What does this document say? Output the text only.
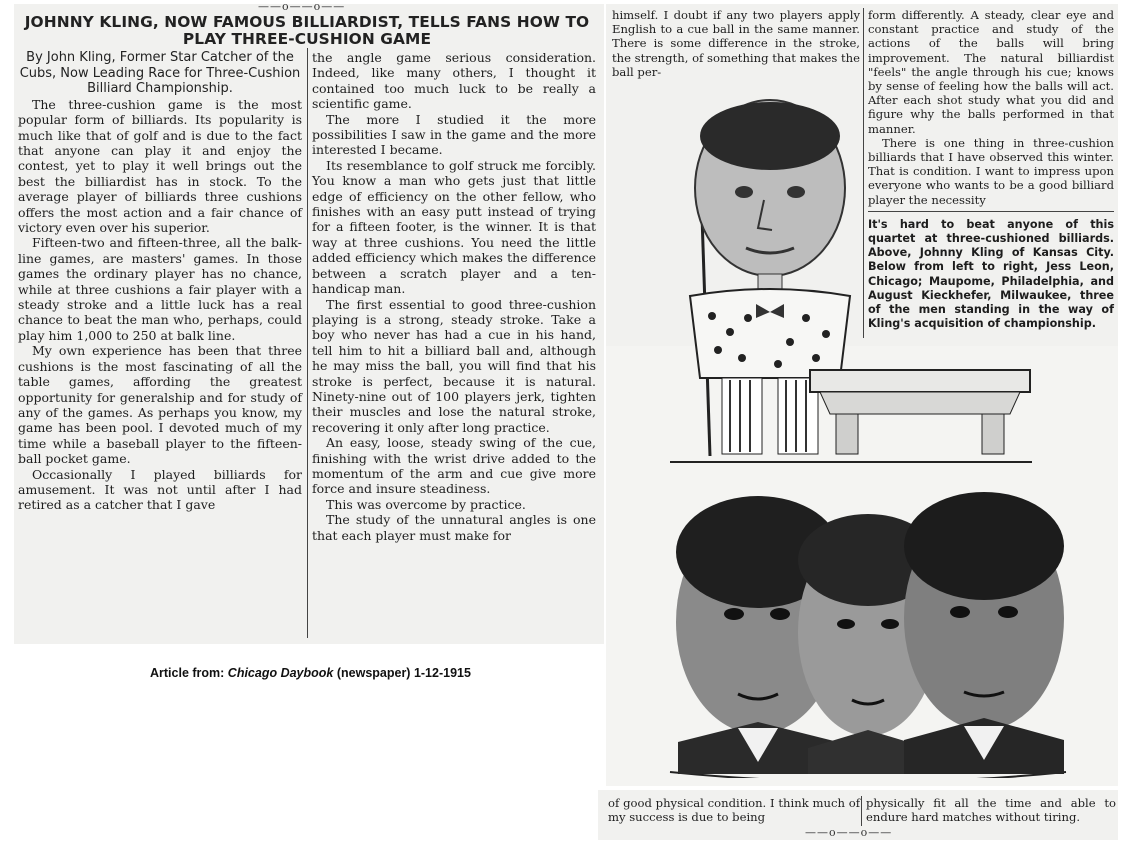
——o——o——
JOHNNY KLING, NOW FAMOUS BILLIARDIST, TELLS FANS HOW TO PLAY THREE-CUSHION GAME

By John Kling, Former Star Catcher of the Cubs, Now Leading Race for Three-Cushion Billiard Championship.

The three-cushion game is the most popular form of billiards. Its popularity is much like that of golf and is due to the fact that anyone can play it and enjoy the contest, yet to play it well brings out the best the billiardist has in stock. To the average player of billiards three cushions offers the most action and a fair chance of victory even over his superior.

Fifteen-two and fifteen-three, all the balk-line games, are masters' games. In those games the ordinary player has no chance, while at three cushions a fair player with a steady stroke and a little luck has a real chance to beat the man who, perhaps, could play him 1,000 to 250 at balk line.

My own experience has been that three cushions is the most fascinating of all the table games, affording the greatest opportunity for generalship and for study of any of the games. As perhaps you know, my game has been pool. I devoted much of my time while a baseball player to the fifteen-ball pocket game.

Occasionally I played billiards for amusement. It was not until after I had retired as a catcher that I gave

the angle game serious consideration. Indeed, like many others, I thought it contained too much luck to be really a scientific game.

The more I studied it the more possibilities I saw in the game and the more interested I became.

Its resemblance to golf struck me forcibly. You know a man who gets just that little edge of efficiency on the other fellow, who finishes with an easy putt instead of trying for a fifteen footer, is the winner. It is that way at three cushions. You need the little added efficiency which makes the difference between a scratch player and a ten-handicap man.

The first essential to good three-cushion playing is a strong, steady stroke. Take a boy who never has had a cue in his hand, tell him to hit a billiard ball and, although he may miss the ball, you will find that his stroke is perfect, because it is natural. Ninety-nine out of 100 players jerk, tighten their muscles and lose the natural stroke, recovering it only after long practice.

An easy, loose, steady swing of the cue, finishing with the wrist drive added to the momentum of the arm and cue give more force and insure steadiness.

This was overcome by practice.

The study of the unnatural angles is one that each player must make for

Article from: Chicago Daybook (newspaper) 1-12-1915

himself. I doubt if any two players apply English to a cue ball in the same manner. There is some difference in the stroke, the strength, of something that makes the ball per-

form differently. A steady, clear eye and constant practice and study of the actions of the balls will bring improvement. The natural billiardist "feels" the angle through his cue; knows by sense of feeling how the balls will act. After each shot study what you did and figure why the balls performed in that manner.

There is one thing in three-cushion billiards that I have observed this winter. That is condition. I want to impress upon everyone who wants to be a good billiard player the necessity

It's hard to beat anyone of this quartet at three-cushioned billiards. Above, Johnny Kling of Kansas City. Below from left to right, Jess Leon, Chicago; Maupome, Philadelphia, and August Kieckhefer, Milwaukee, three of the men standing in the way of Kling's acquisition of championship.

of good physical condition. I think much of my success is due to being

physically fit all the time and able to endure hard matches without tiring.

——o——o——
